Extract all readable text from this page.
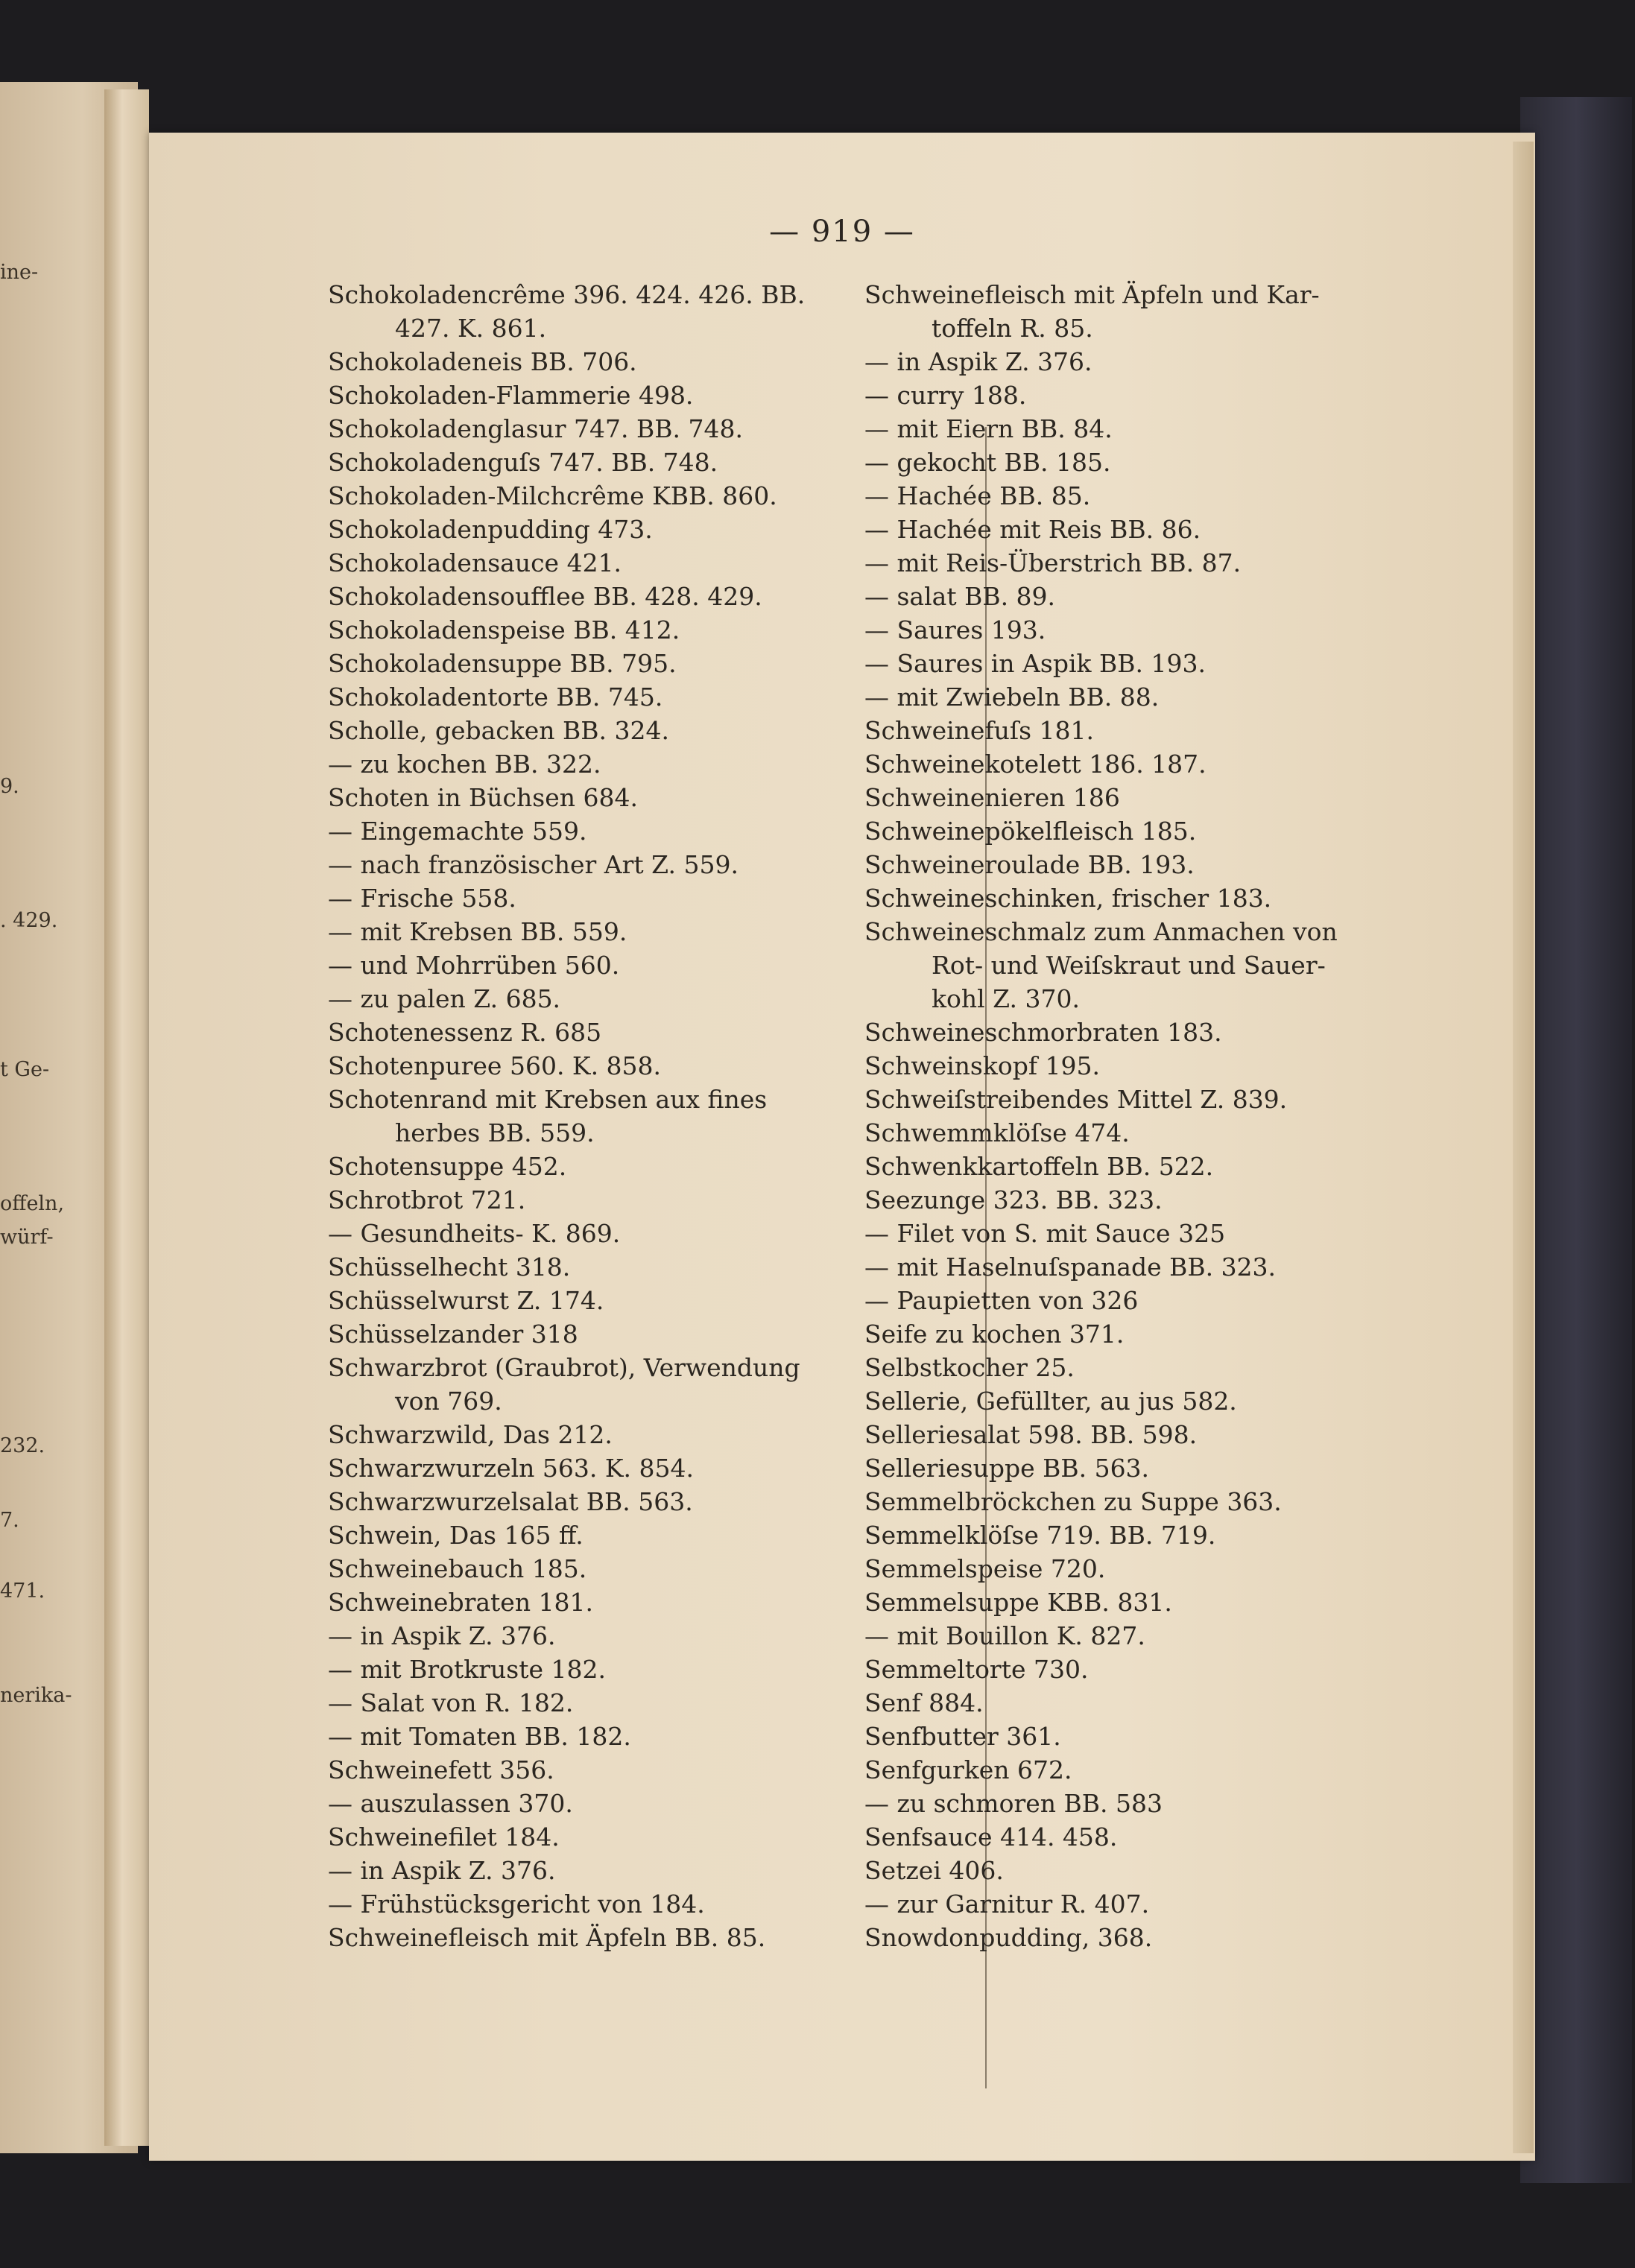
ine-
9.
. 429.
t Ge-
offeln,
würf-
232.
7.
471.
nerika-
— 919 —
Schokoladencrême 396. 424. 426. BB.
427. K. 861.
Schokoladeneis BB. 706.
Schokoladen-Flammerie 498.
Schokoladenglasur 747. BB. 748.
Schokoladenguſs 747. BB. 748.
Schokoladen-Milchcrême KBB. 860.
Schokoladenpudding 473.
Schokoladensauce 421.
Schokoladensoufflee BB. 428. 429.
Schokoladenspeise BB. 412.
Schokoladensuppe BB. 795.
Schokoladentorte BB. 745.
Scholle, gebacken BB. 324.
— zu kochen BB. 322.
Schoten in Büchsen 684.
— Eingemachte 559.
— nach französischer Art Z. 559.
— Frische 558.
— mit Krebsen BB. 559.
— und Mohrrüben 560.
— zu palen Z. 685.
Schotenessenz R. 685
Schotenpuree 560. K. 858.
Schotenrand mit Krebsen aux fines
herbes BB. 559.
Schotensuppe 452.
Schrotbrot 721.
— Gesundheits- K. 869.
Schüsselhecht 318.
Schüsselwurst Z. 174.
Schüsselzander 318
Schwarzbrot (Graubrot), Verwendung
von 769.
Schwarzwild, Das 212.
Schwarzwurzeln 563. K. 854.
Schwarzwurzelsalat BB. 563.
Schwein, Das 165 ff.
Schweinebauch 185.
Schweinebraten 181.
— in Aspik Z. 376.
— mit Brotkruste 182.
— Salat von R. 182.
— mit Tomaten BB. 182.
Schweinefett 356.
— auszulassen 370.
Schweinefilet 184.
— in Aspik Z. 376.
— Frühstücksgericht von 184.
Schweinefleisch mit Äpfeln BB. 85.
Schweinefleisch mit Äpfeln und Kar-
toffeln R. 85.
— in Aspik Z. 376.
— curry 188.
— mit Eiern BB. 84.
— gekocht BB. 185.
— Hachée BB. 85.
— Hachée mit Reis BB. 86.
— mit Reis-Überstrich BB. 87.
— salat BB. 89.
— Saures 193.
— Saures in Aspik BB. 193.
— mit Zwiebeln BB. 88.
Schweinefuſs 181.
Schweinekotelett 186. 187.
Schweinenieren 186
Schweinepökelfleisch 185.
Schweineroulade BB. 193.
Schweineschinken, frischer 183.
Schweineschmalz zum Anmachen von
Rot- und Weiſskraut und Sauer-
kohl Z. 370.
Schweineschmorbraten 183.
Schweinskopf 195.
Schweiſstreibendes Mittel Z. 839.
Schwemmklöſse 474.
Schwenkkartoffeln BB. 522.
Seezunge 323. BB. 323.
— Filet von S. mit Sauce 325
— mit Haselnuſspanade BB. 323.
— Paupietten von 326
Seife zu kochen 371.
Selbstkocher 25.
Sellerie, Gefüllter, au jus 582.
Selleriesalat 598. BB. 598.
Selleriesuppe BB. 563.
Semmelbröckchen zu Suppe 363.
Semmelklöſse 719. BB. 719.
Semmelspeise 720.
Semmelsuppe KBB. 831.
— mit Bouillon K. 827.
Semmeltorte 730.
Senf 884.
Senfbutter 361.
Senfgurken 672.
— zu schmoren BB. 583
Senfsauce 414. 458.
Setzei 406.
— zur Garnitur R. 407.
Snowdonpudding, 368.
